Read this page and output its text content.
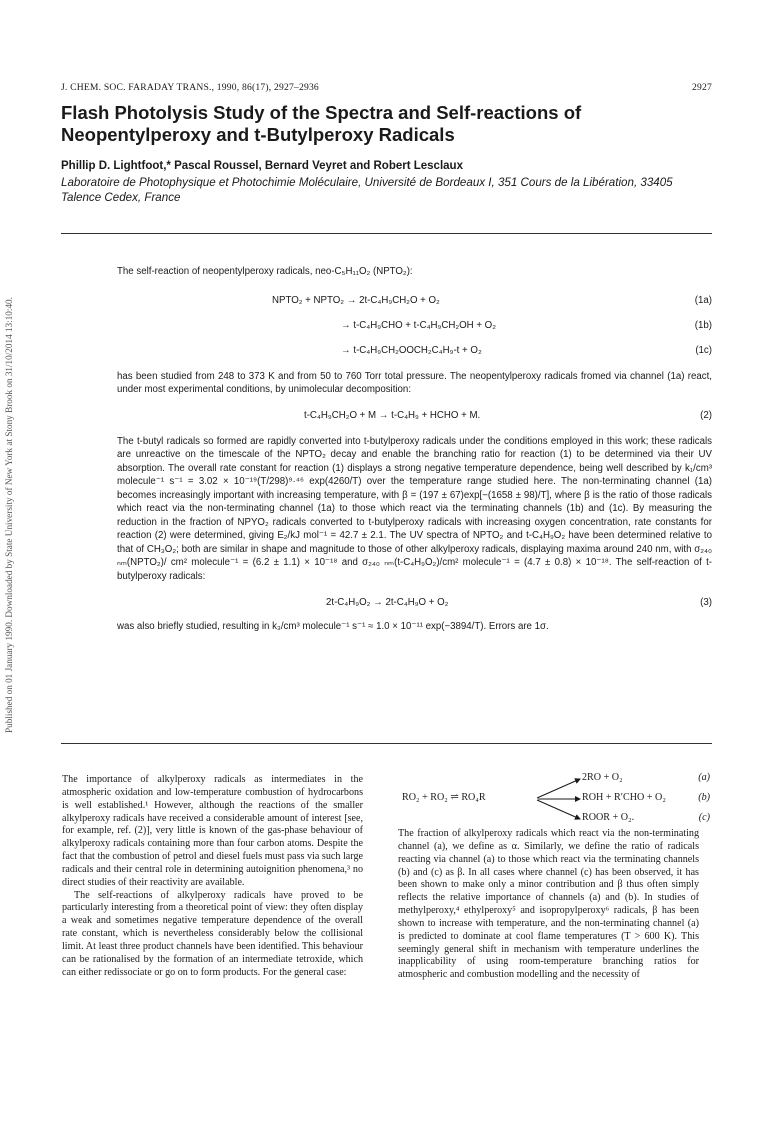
Published on 01 January 1990. Downloaded by State University of New York at Stony Brook on 31/10/2014 13:10:40.
J. CHEM. SOC. FARADAY TRANS., 1990, 86(17), 2927–2936	2927
Flash Photolysis Study of the Spectra and Self-reactions of Neopentylperoxy and t-Butylperoxy Radicals
Phillip D. Lightfoot,* Pascal Roussel, Bernard Veyret and Robert Lesclaux
Laboratoire de Photophysique et Photochimie Moléculaire, Université de Bordeaux I, 351 Cours de la Libération, 33405 Talence Cedex, France

The self-reaction of neopentylperoxy radicals, neo-C₅H₁₁O₂ (NPTO₂):

NPTO₂ + NPTO₂ → 2t-C₄H₉CH₂O + O₂	(1a)
→ t-C₄H₉CHO + t-C₄H₉CH₂OH + O₂	(1b)
→ t-C₄H₉CH₂OOCH₂C₄H₉-t + O₂	(1c)

has been studied from 248 to 373 K and from 50 to 760 Torr total pressure. The neopentylperoxy radicals fromed via channel (1a) react, under most experimental conditions, by unimolecular decomposition:

t-C₄H₉CH₂O + M → t-C₄H₉ + HCHO + M.	(2)

The t-butyl radicals so formed are rapidly converted into t-butylperoxy radicals under the conditions employed in this work; these radicals are unreactive on the timescale of the NPTO₂ decay and enable the branching ratio for reaction (1) to be determined via their UV absorption. The overall rate constant for reaction (1) displays a strong negative temperature dependence, being well described by k₁/cm³ molecule⁻¹ s⁻¹ = 3.02 × 10⁻¹⁹(T/298)⁹·⁴⁶ exp(4260/T) over the temperature range studied here. The non-terminating channel (1a) becomes increasingly important with increasing temperature, with β = (197 ± 67)exp[−(1658 ± 98)/T], where β is the ratio of those radicals which react via the non-terminating channel (1a) to those which react via the terminating channels (1b) and (1c). By measuring the reduction in the fraction of NPYO₂ radicals converted to t-butylperoxy radicals with increasing oxygen concentration, rate constants for reaction (2) were determined, giving E₂/kJ mol⁻¹ = 42.7 ± 2.1. The UV spectra of NPTO₂ and t-C₄H₉O₂ have been determined relative to that of CH₃O₂; both are similar in shape and magnitude to those of other alkylperoxy radicals, displaying maxima around 240 nm, with σ₂₄₀ ₙₘ(NPTO₂)/ cm² molecule⁻¹ = (6.2 ± 1.1) × 10⁻¹⁸ and σ₂₄₀ ₙₘ(t-C₄H₉O₂)/cm² molecule⁻¹ = (4.7 ± 0.8) × 10⁻¹⁸. The self-reaction of t-butylperoxy radicals:

2t-C₄H₉O₂ → 2t-C₄H₉O + O₂	(3)

was also briefly studied, resulting in k₃/cm³ molecule⁻¹ s⁻¹ ≈ 1.0 × 10⁻¹¹ exp(−3894/T). Errors are 1σ.

The importance of alkylperoxy radicals as intermediates in the atmospheric oxidation and low-temperature combustion of hydrocarbons is well established.¹ However, although the reactions of the smaller alkylperoxy radicals have received a considerable amount of interest [see, for example, ref. (2)], very little is known of the gas-phase behaviour of alkylperoxy radicals containing more than four carbon atoms. Despite the fact that the combustion of petrol and diesel fuels must pass via such large radicals and their central role in determining autoignition phenomena,³ no direct studies of their reactivity are available.

The self-reactions of alkylperoxy radicals have proved to be particularly interesting from a theoretical point of view: they often display a weak and sometimes negative temperature dependence of the overall rate constant, which is nevertheless considerably below the collisional limit. At least three product channels have been identified. This behaviour can be rationalised by the formation of an intermediate tetroxide, which can either redissociate or go on to form products. For the general case:

RO₂ + RO₂ ⇌ RO₄R
2RO + O₂
ROH + R′CHO + O₂
ROOR + O₂.
(a)
(b)
(c)

The fraction of alkylperoxy radicals which react via the non-terminating channel (a), we define as α. Similarly, we define the ratio of radicals reacting via channel (a) to those which react via the terminating channels (b) and (c) as β. In all cases where channel (c) has been observed, it has been shown to make only a minor contribution and β thus often simply reflects the relative importance of channels (a) and (b). In studies of methylperoxy,⁴ ethylperoxy⁵ and isopropylperoxy⁶ radicals, β has been shown to increase with temperature, and the non-terminating channel (a) is predicted to dominate at cool flame temperatures (T > 600 K). This seemingly general shift in mechanism with temperature underlines the inapplicability of using room-temperature branching ratios for atmospheric and combustion modelling and the necessity of
